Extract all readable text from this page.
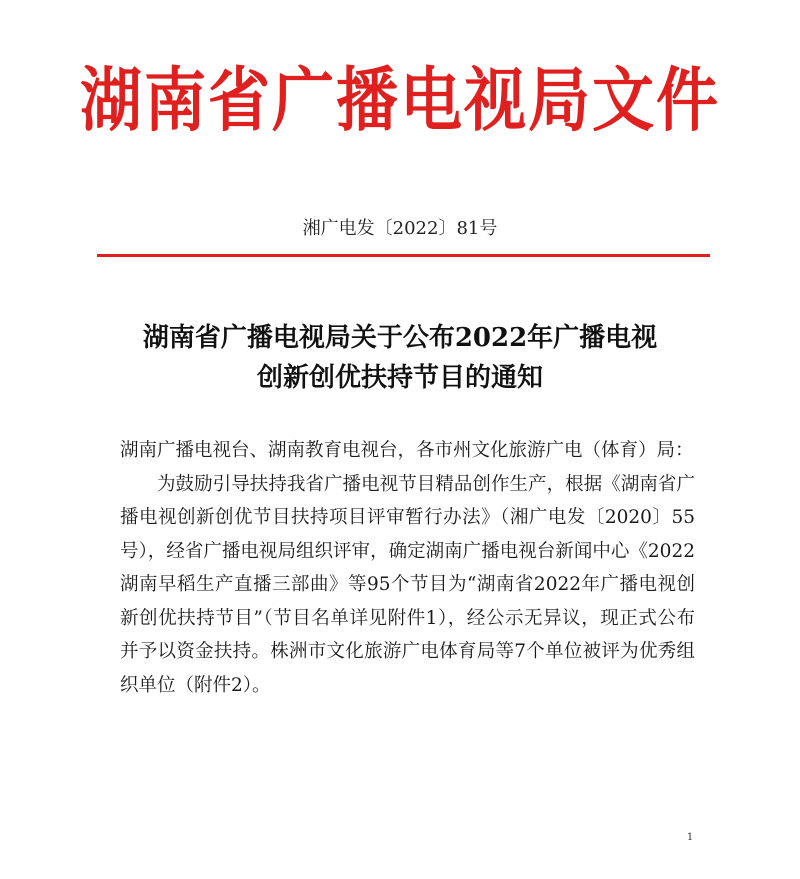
湖南省广播电视局文件
湘广电发〔2022〕81号
湖南省广播电视局关于公布2022年广播电视
创新创优扶持节目的通知

湖南广播电视台、湖南教育电视台，各市州文化旅游广电（体育）局：

为鼓励引导扶持我省广播电视节目精品创作生产，根据《湖南省广播电视创新创优节目扶持项目评审暂行办法》（湘广电发〔2020〕55号），经省广播电视局组织评审，确定湖南广播电视台新闻中心《2022湖南早稻生产直播三部曲》等95个节目为“湖南省2022年广播电视创新创优扶持节目”（节目名单详见附件1），经公示无异议，现正式公布并予以资金扶持。株洲市文化旅游广电体育局等7个单位被评为优秀组织单位（附件2）。

1
